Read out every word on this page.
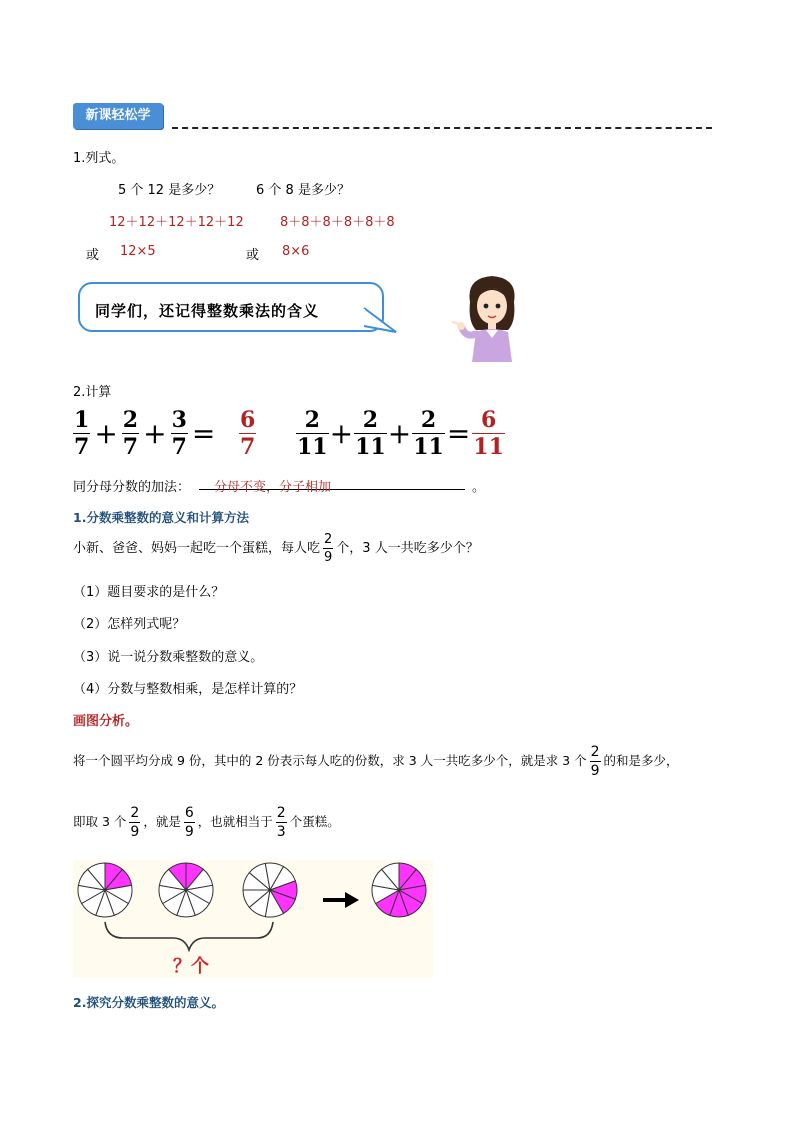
新课轻松学
1.列式。
5 个 12 是多少？	6 个 8 是多少？
12＋12＋12＋12＋12	8＋8＋8＋8＋8＋8
或 12×5	或 8×6
同学们，还记得整数乘法的含义
2.计算
$\frac{1}{7} + \frac{2}{7} + \frac{3}{7} = \frac{6}{7} \frac{2}{11} + \frac{2}{11} + \frac{2}{11} = \frac{6}{11}$
同分母分数的加法： 分母不变，分子相加	。
1.分数乘整数的意义和计算方法
小新、爸爸、妈妈一起吃一个蛋糕，每人吃 $\frac{2}{9}$ 个，3 人一共吃多少个？
（1）题目要求的是什么？
（2）怎样列式呢？
（3）说一说分数乘整数的意义。
（4）分数与整数相乘，是怎样计算的？
画图分析。
将一个圆平均分成 9 份，其中的 2 份表示每人吃的份数，求 3 人一共吃多少个，就是求 3 个 $\frac{2}{9}$ 的和是多少，
即取 3 个 $\frac{2}{9}$ ，就是 $\frac{6}{9}$ ，也就相当于 $\frac{2}{3}$ 个蛋糕。
？个
2.探究分数乘整数的意义。
